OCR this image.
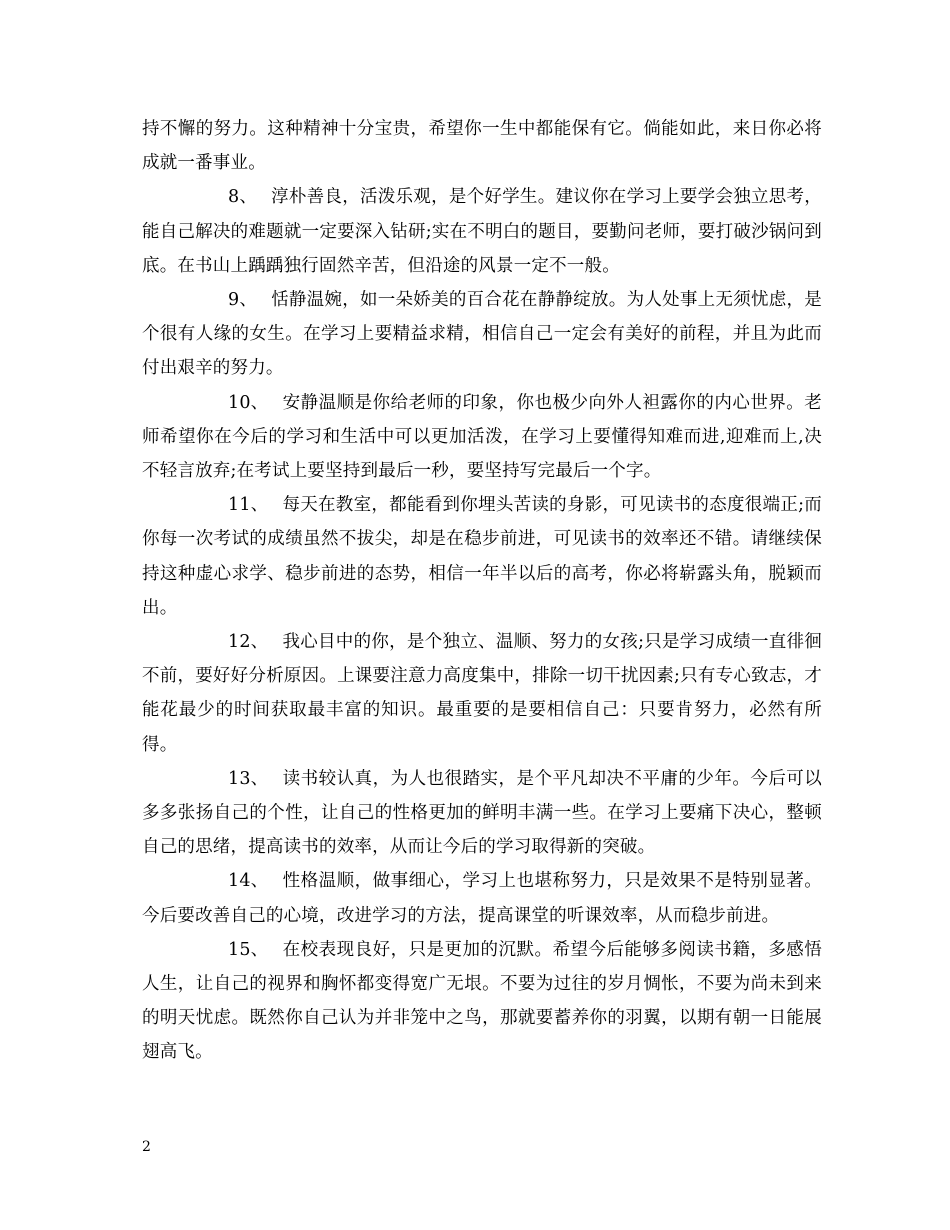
持不懈的努力。这种精神十分宝贵，希望你一生中都能保有它。倘能如此，来日你必将成就一番事业。

8、 淳朴善良，活泼乐观，是个好学生。建议你在学习上要学会独立思考，能自己解决的难题就一定要深入钻研;实在不明白的题目，要勤问老师，要打破沙锅问到底。在书山上踽踽独行固然辛苦，但沿途的风景一定不一般。

9、 恬静温婉，如一朵娇美的百合花在静静绽放。为人处事上无须忧虑，是个很有人缘的女生。在学习上要精益求精，相信自己一定会有美好的前程，并且为此而付出艰辛的努力。

10、 安静温顺是你给老师的印象，你也极少向外人袒露你的内心世界。老师希望你在今后的学习和生活中可以更加活泼，在学习上要懂得知难而进,迎难而上,决不轻言放弃;在考试上要坚持到最后一秒，要坚持写完最后一个字。

11、 每天在教室，都能看到你埋头苦读的身影，可见读书的态度很端正;而你每一次考试的成绩虽然不拔尖，却是在稳步前进，可见读书的效率还不错。请继续保持这种虚心求学、稳步前进的态势，相信一年半以后的高考，你必将崭露头角，脱颖而出。

12、 我心目中的你，是个独立、温顺、努力的女孩;只是学习成绩一直徘徊不前，要好好分析原因。上课要注意力高度集中，排除一切干扰因素;只有专心致志，才能花最少的时间获取最丰富的知识。最重要的是要相信自己：只要肯努力，必然有所得。

13、 读书较认真，为人也很踏实，是个平凡却决不平庸的少年。今后可以多多张扬自己的个性，让自己的性格更加的鲜明丰满一些。在学习上要痛下决心，整顿自己的思绪，提高读书的效率，从而让今后的学习取得新的突破。

14、 性格温顺，做事细心，学习上也堪称努力，只是效果不是特别显著。今后要改善自己的心境，改进学习的方法，提高课堂的听课效率，从而稳步前进。

15、 在校表现良好，只是更加的沉默。希望今后能够多阅读书籍，多感悟人生，让自己的视界和胸怀都变得宽广无垠。不要为过往的岁月惆怅，不要为尚未到来的明天忧虑。既然你自己认为并非笼中之鸟，那就要蓄养你的羽翼，以期有朝一日能展翅高飞。

2
